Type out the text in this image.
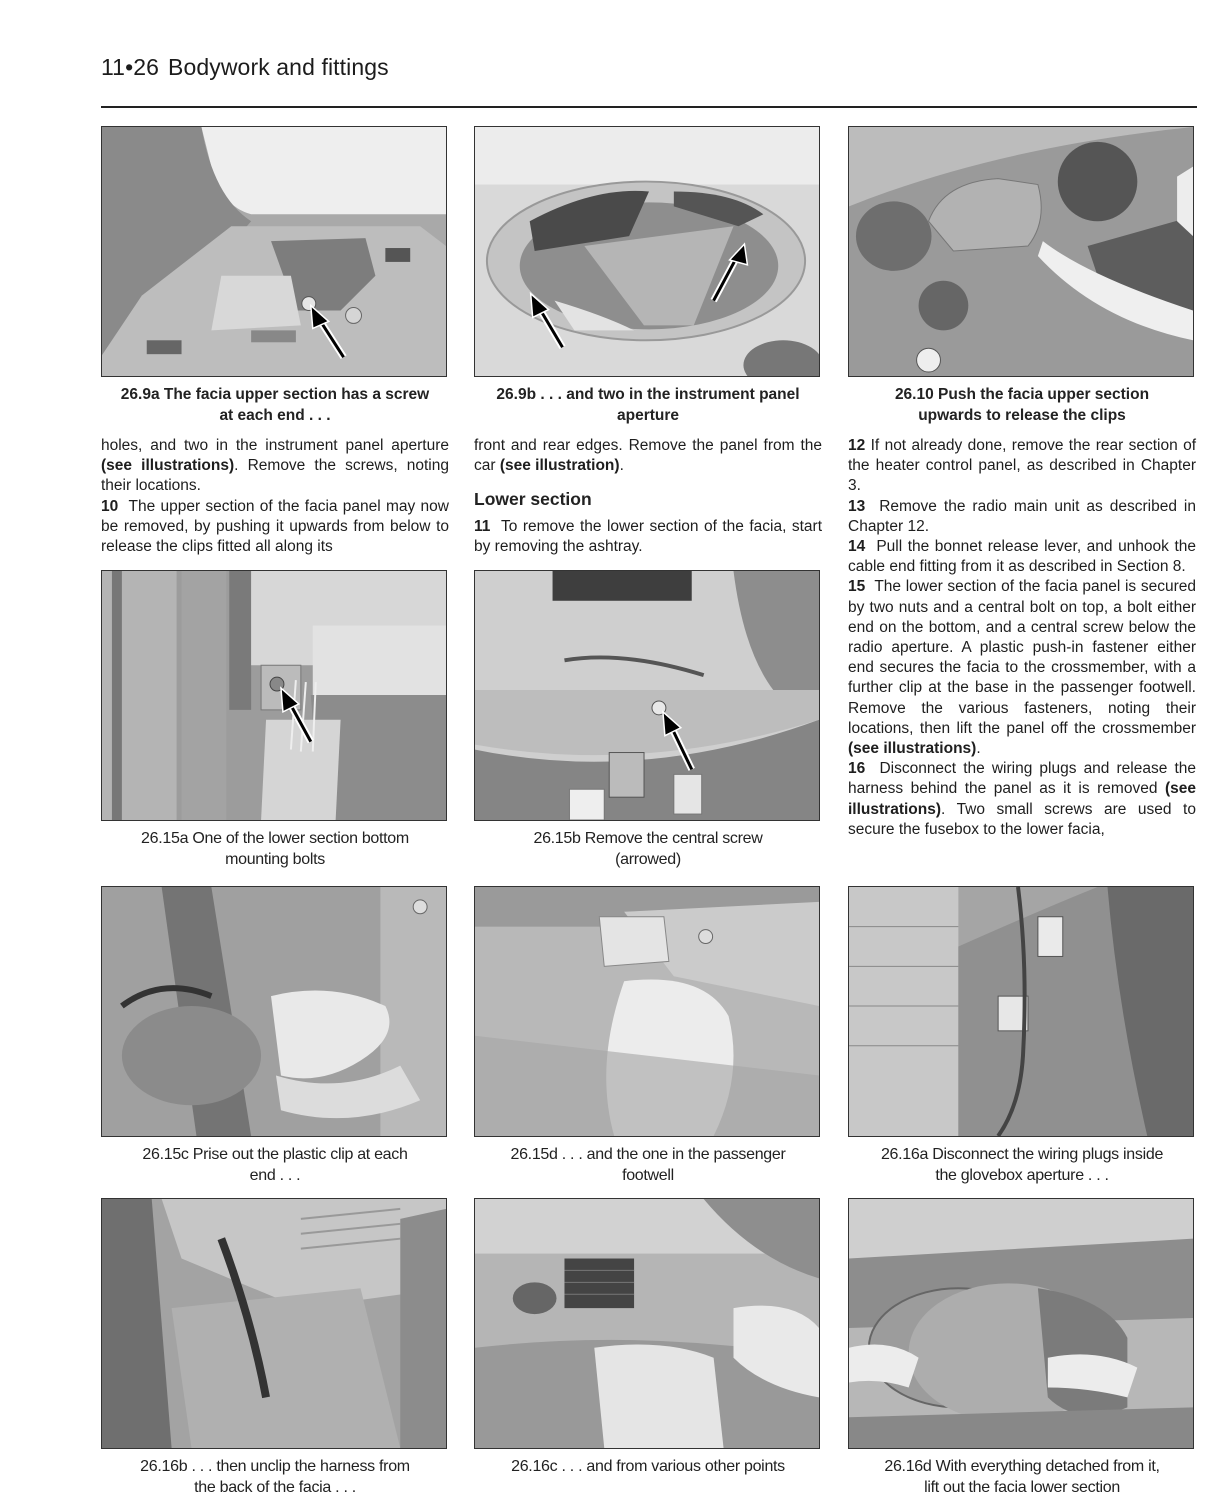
11•26 Bodywork and fittings
26.9a The facia upper section has a screw
at each end . . .
26.9b . . . and two in the instrument panel
aperture
26.10 Push the facia upper section
upwards to release the clips

holes, and two in the instrument panel aperture (see illustrations). Remove the screws, noting their locations.

10 The upper section of the facia panel may now be removed, by pushing it upwards from below to release the clips fitted all along its

front and rear edges. Remove the panel from the car (see illustration).

Lower section

11 To remove the lower section of the facia, start by removing the ashtray.

12 If not already done, remove the rear section of the heater control panel, as described in Chapter 3.

13 Remove the radio main unit as described in Chapter 12.

14 Pull the bonnet release lever, and unhook the cable end fitting from it as described in Section 8.

15 The lower section of the facia panel is secured by two nuts and a central bolt on top, a bolt either end on the bottom, and a central screw below the radio aperture. A plastic push-in fastener either end secures the facia to the crossmember, with a further clip at the base in the passenger footwell. Remove the various fasteners, noting their locations, then lift the panel off the crossmember (see illustrations).

16 Disconnect the wiring plugs and release the harness behind the panel as it is removed (see illustrations). Two small screws are used to secure the fusebox to the lower facia,

26.15a One of the lower section bottom
mounting bolts
26.15b Remove the central screw
(arrowed)
26.15c Prise out the plastic clip at each
end . . .
26.15d . . . and the one in the passenger
footwell
26.16a Disconnect the wiring plugs inside
the glovebox aperture . . .
26.16b . . . then unclip the harness from
the back of the facia . . .
26.16c . . . and from various other points	26.16d With everything detached from it,
lift out the facia lower section
